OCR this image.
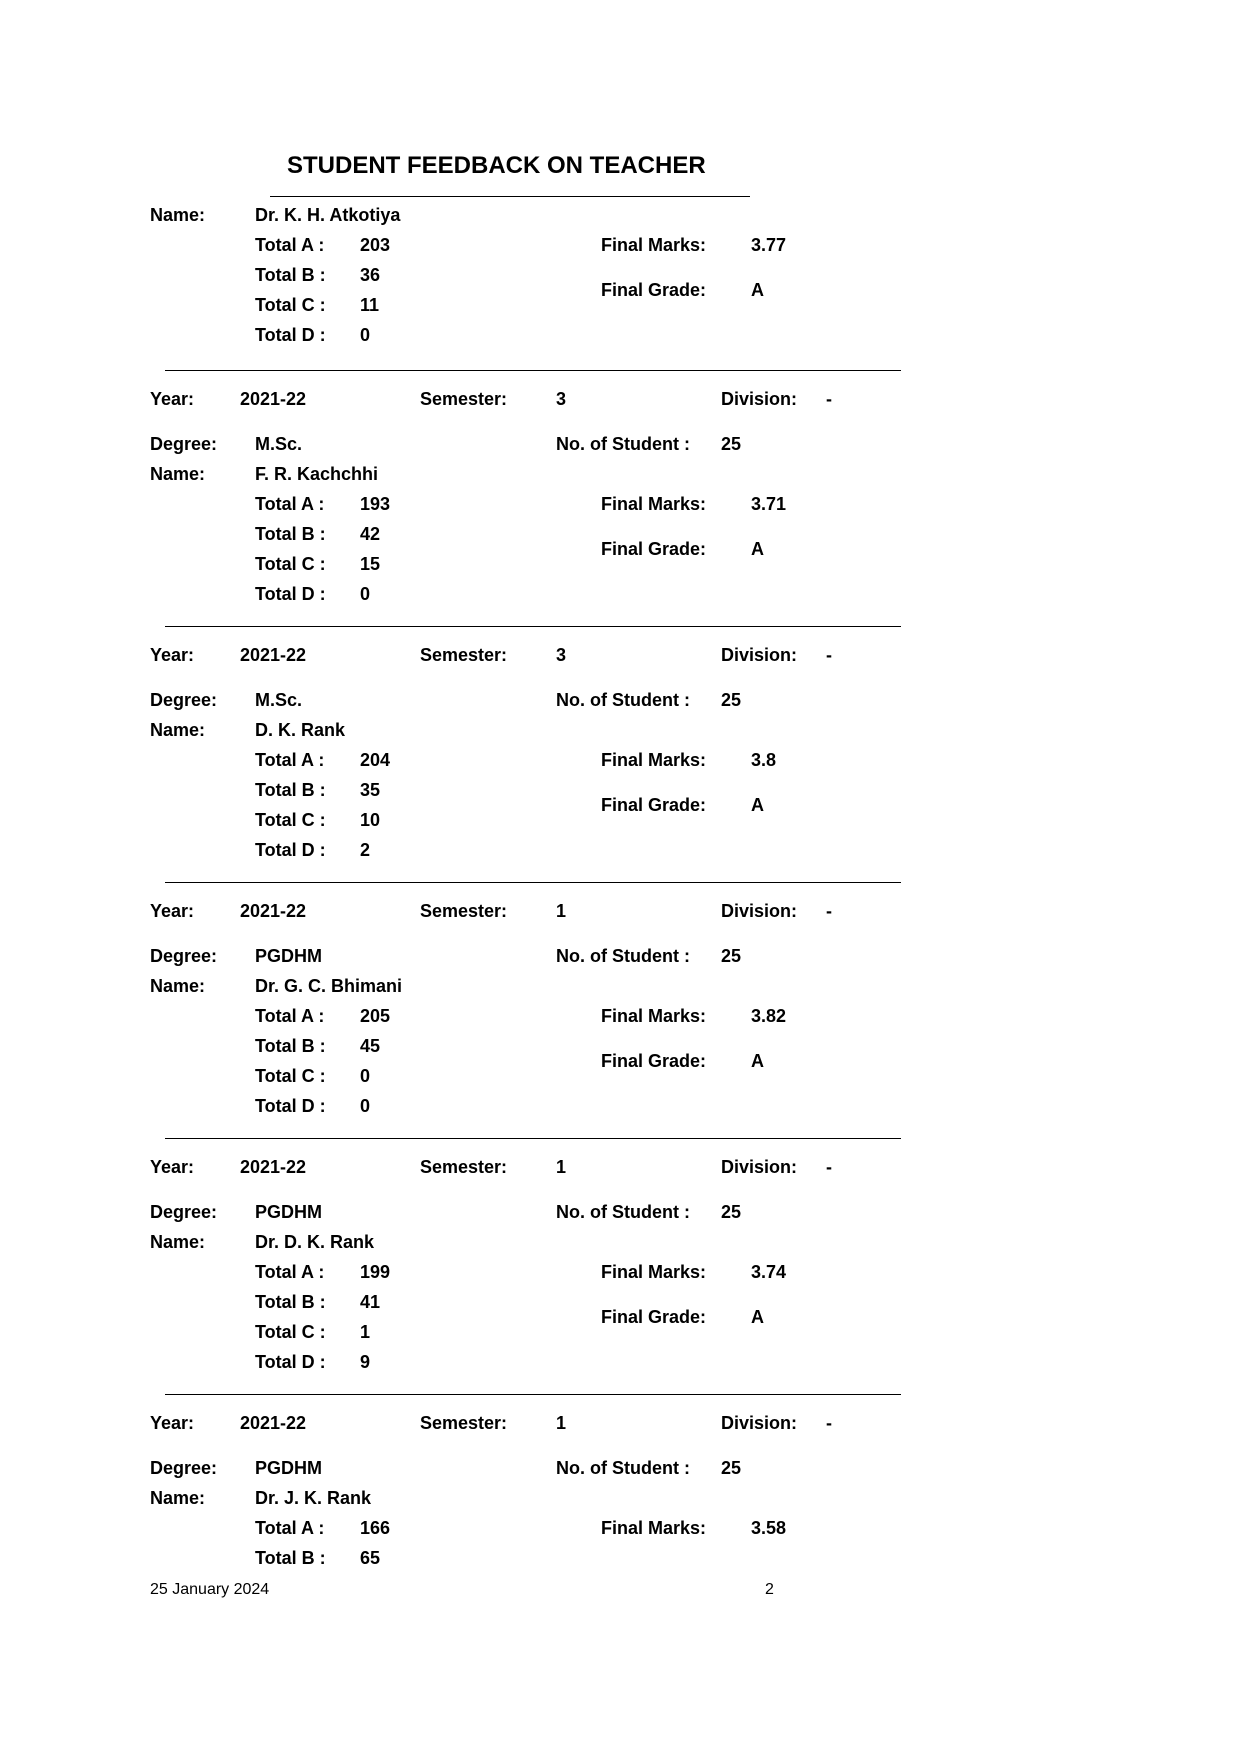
STUDENT FEEDBACK ON TEACHER
Name:	Dr. K. H. Atkotiya
Total A : 203
Total B : 36
Total C : 11
Total D : 0
Final Marks: 3.77
Final Grade: A
Year:	2021-22	Semester:	3	Division: -
Degree: M.Sc.	No. of Student : 25
Name:	F. R. Kachchhi
Total A : 193
Total B : 42
Total C : 15
Total D : 0
Final Marks: 3.71
Final Grade: A
Year:	2021-22	Semester:	3	Division: -
Degree: M.Sc.	No. of Student : 25
Name:	D. K. Rank
Total A : 204
Total B : 35
Total C : 10
Total D : 2
Final Marks: 3.8
Final Grade: A
Year:	2021-22	Semester:	1	Division: -
Degree: PGDHM	No. of Student : 25
Name:	Dr. G. C. Bhimani
Total A : 205
Total B : 45
Total C : 0
Total D : 0
Final Marks: 3.82
Final Grade: A
Year:	2021-22	Semester:	1	Division: -
Degree: PGDHM	No. of Student : 25
Name:	Dr. D. K. Rank
Total A : 199
Total B : 41
Total C : 1
Total D : 9
Final Marks: 3.74
Final Grade: A
Year:	2021-22	Semester:	1	Division: -
Degree: PGDHM	No. of Student : 25
Name:	Dr. J. K. Rank
Total A : 166
Total B : 65
Final Marks: 3.58
25 January 2024	2
